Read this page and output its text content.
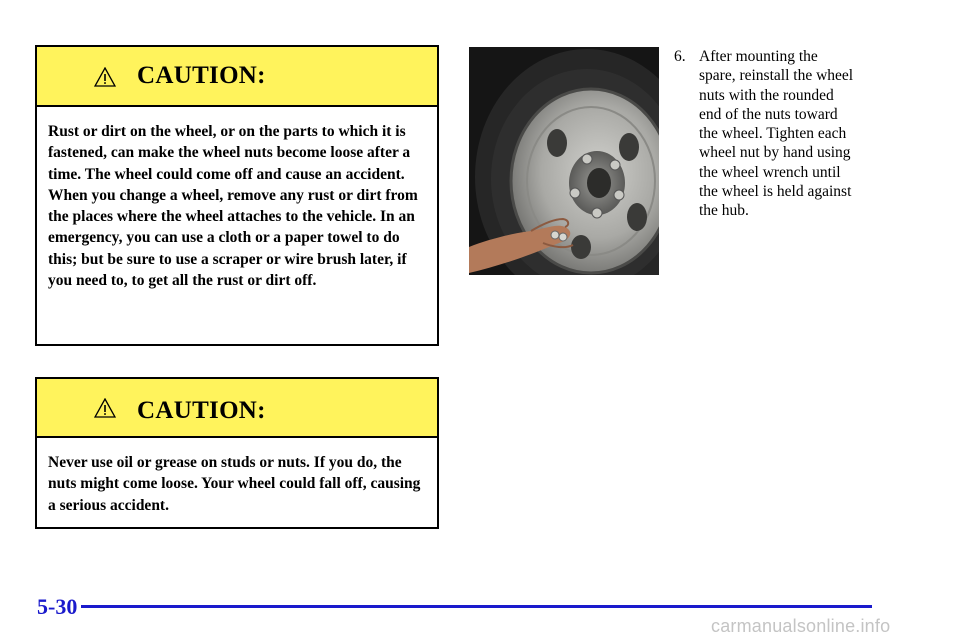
CAUTION:
Rust or dirt on the wheel, or on the parts to which it is fastened, can make the wheel nuts become loose after a time. The wheel could come off and cause an accident. When you change a wheel, remove any rust or dirt from the places where the wheel attaches to the vehicle. In an emergency, you can use a cloth or a paper towel to do this; but be sure to use a scraper or wire brush later, if you need to, to get all the rust or dirt off.
CAUTION:
Never use oil or grease on studs or nuts. If you do, the nuts might come loose. Your wheel could fall off, causing a serious accident.
6. After mounting the spare, reinstall the wheel nuts with the rounded end of the nuts toward the wheel. Tighten each wheel nut by hand using the wheel wrench until the wheel is held against the hub.
5-30
carmanualsonline.info
